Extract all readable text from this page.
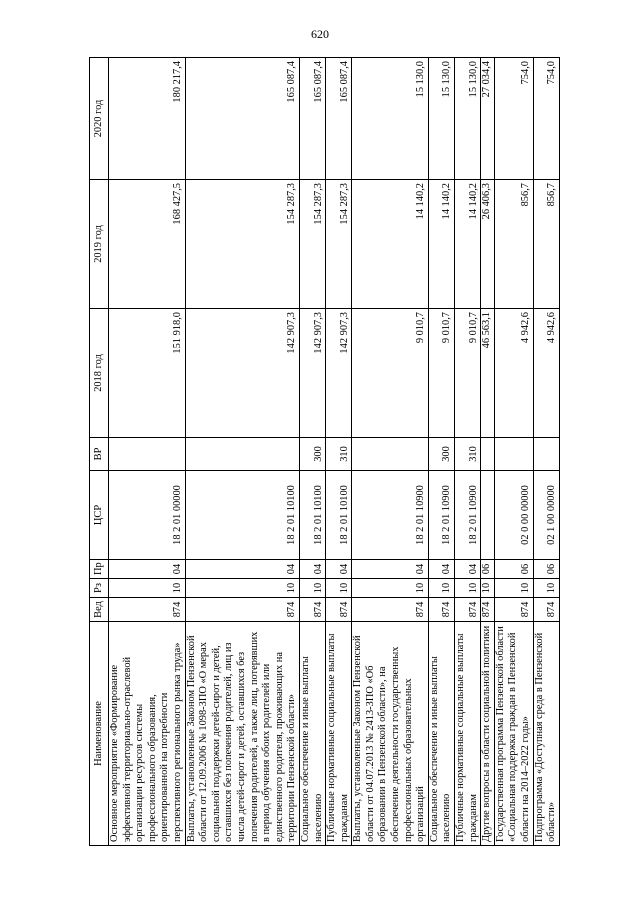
620
Наименование	Вед	Рз	Пр	ЦСР	ВР	2018 год	2019 год	2020 год
Основное мероприятие «Формирование эффективной территориально-отраслевой организации ресурсов системы профессионального образования, ориентированной на потребности перспективного регионального рынка труда»	874	10	04	18 2 01 00000		151 918,0	168 427,5	180 217,4
Выплаты, установленные Законом Пензенской области от 12.09.2006 № 1098-ЗПО «О мерах социальной поддержки детей-сирот и детей, оставшихся без попечения родителей, лиц из числа детей-сирот и детей, оставшихся без попечения родителей, а также лиц, потерявших в период обучения обоих родителей или единственного родителя, проживающих на территории Пензенской области»	874	10	04	18 2 01 10100		142 907,3	154 287,3	165 087,4
Социальное обеспечение и иные выплаты населению	874	10	04	18 2 01 10100	300	142 907,3	154 287,3	165 087,4
Публичные нормативные социальные выплаты гражданам	874	10	04	18 2 01 10100	310	142 907,3	154 287,3	165 087,4
Выплаты, установленные Законом Пензенской области от 04.07.2013 № 2413-ЗПО «Об образовании в Пензенской области», на обеспечение деятельности государственных профессиональных образовательных организаций	874	10	04	18 2 01 10900		9 010,7	14 140,2	15 130,0
Социальное обеспечение и иные выплаты населению	874	10	04	18 2 01 10900	300	9 010,7	14 140,2	15 130,0
Публичные нормативные социальные выплаты гражданам	874	10	04	18 2 01 10900	310	9 010,7	14 140,2	15 130,0
Другие вопросы в области социальной политики	874	10	06			46 563,1	26 406,3	27 034,4
Государственная программа Пензенской области «Социальная поддержка граждан в Пензенской области на 2014–2022 годы»	874	10	06	02 0 00 00000		4 942,6	856,7	754,0
Подпрограмма «Доступная среда в Пензенской области»	874	10	06	02 1 00 00000		4 942,6	856,7	754,0
